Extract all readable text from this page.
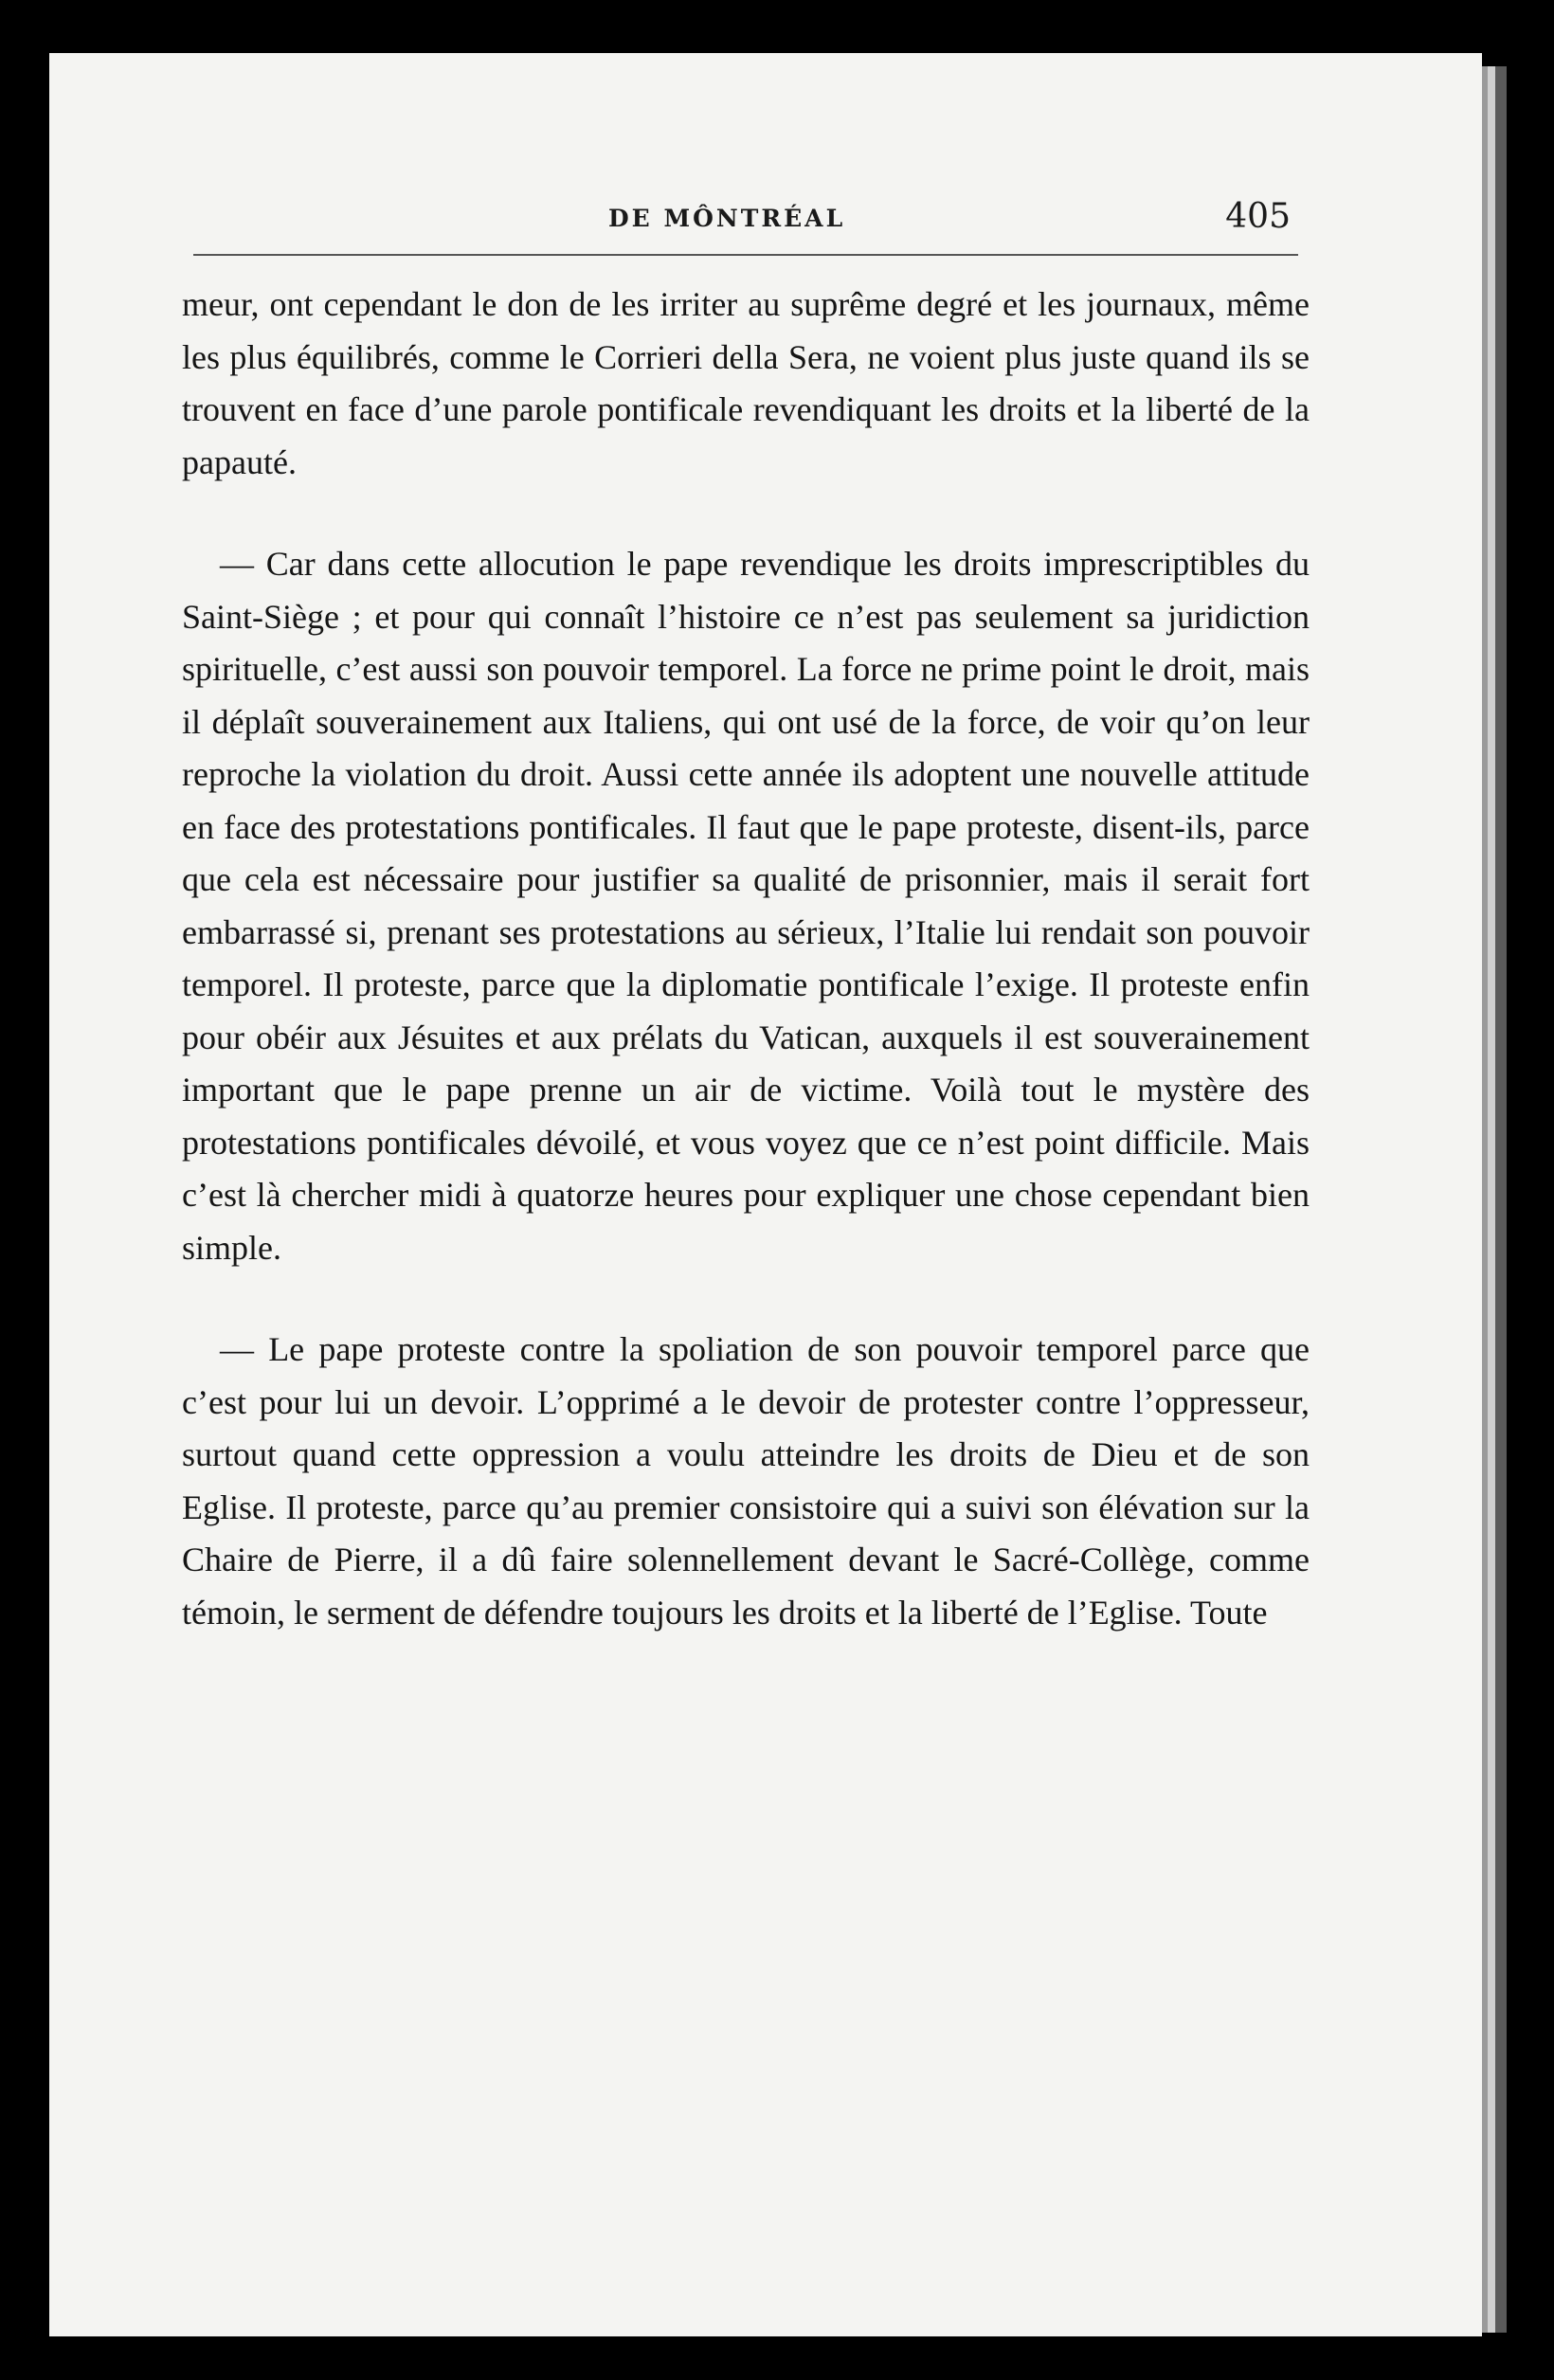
DE MÔNTRÉAL	405

meur, ont cependant le don de les irriter au suprême degré et les journaux, même les plus équilibrés, comme le Corrieri della Sera, ne voient plus juste quand ils se trouvent en face d’une parole pontificale revendiquant les droits et la liberté de la papauté.

— Car dans cette allocution le pape revendique les droits imprescriptibles du Saint-Siège ; et pour qui connaît l’histoire ce n’est pas seulement sa juridiction spirituelle, c’est aussi son pouvoir temporel. La force ne prime point le droit, mais il déplaît souverainement aux Italiens, qui ont usé de la force, de voir qu’on leur reproche la violation du droit. Aussi cette année ils adoptent une nouvelle attitude en face des protestations pontificales. Il faut que le pape proteste, disent-ils, parce que cela est nécessaire pour justifier sa qualité de prisonnier, mais il serait fort embarrassé si, prenant ses protestations au sérieux, l’Italie lui rendait son pouvoir temporel. Il proteste, parce que la diplomatie pontificale l’exige. Il proteste enfin pour obéir aux Jésuites et aux prélats du Vatican, auxquels il est souverainement important que le pape prenne un air de victime. Voilà tout le mystère des protestations pontificales dévoilé, et vous voyez que ce n’est point difficile. Mais c’est là chercher midi à quatorze heures pour expliquer une chose cependant bien simple.

— Le pape proteste contre la spoliation de son pouvoir temporel parce que c’est pour lui un devoir. L’opprimé a le devoir de protester contre l’oppresseur, surtout quand cette oppression a voulu atteindre les droits de Dieu et de son Eglise. Il proteste, parce qu’au premier consistoire qui a suivi son élévation sur la Chaire de Pierre, il a dû faire solennellement devant le Sacré-Collège, comme témoin, le serment de défendre toujours les droits et la liberté de l’Eglise. Toute
